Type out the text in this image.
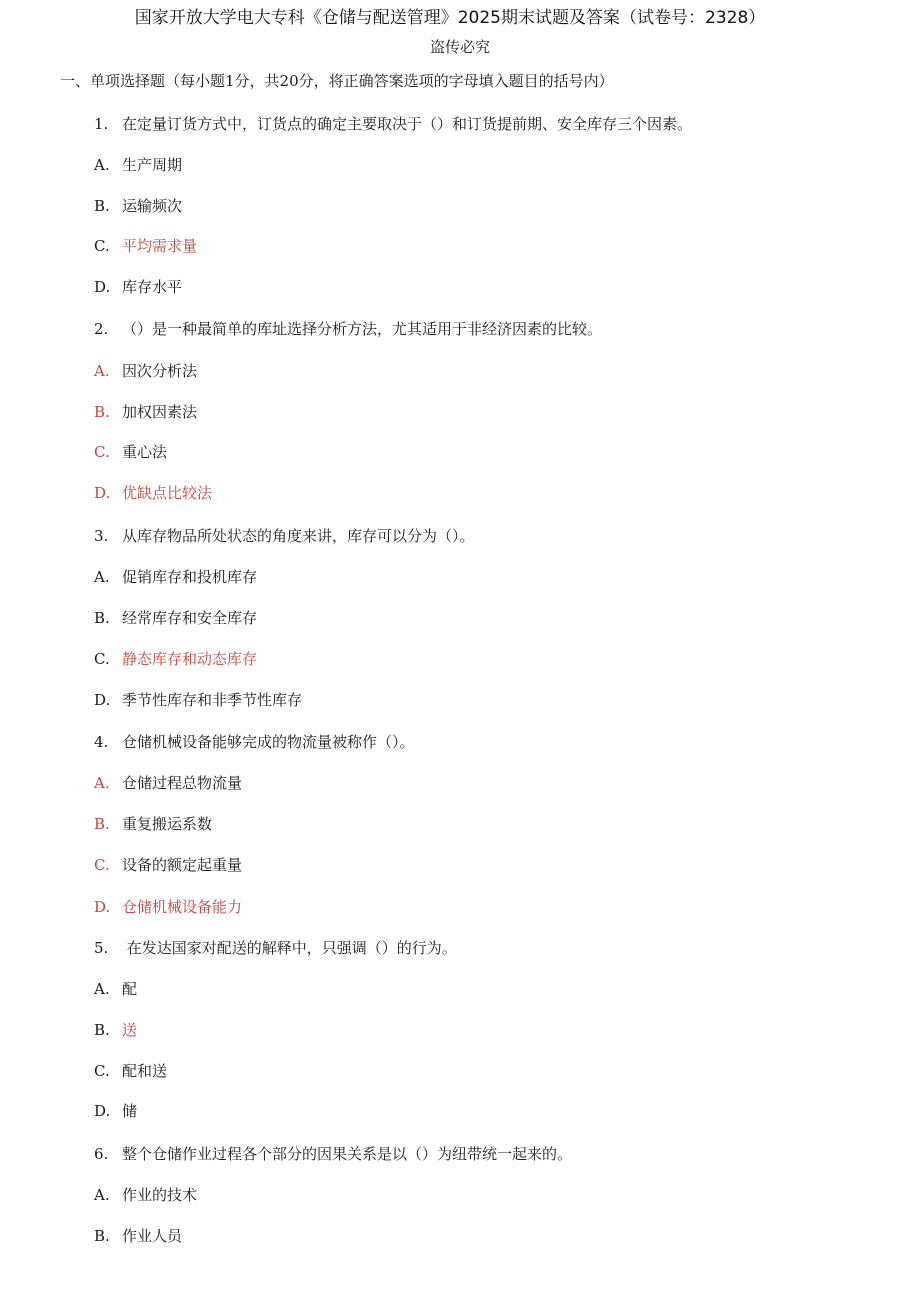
国家开放大学电大专科《仓储与配送管理》2025期末试题及答案（试卷号：2328）
盗传必究
一、单项选择题（每小题1分，共20分，将正确答案选项的字母填入题目的括号内）
1. 在定量订货方式中，订货点的确定主要取决于（）和订货提前期、安全库存三个因素。
A. 生产周期
B. 运输频次
C. 平均需求量
D. 库存水平
2. （）是一种最简单的库址选择分析方法，尤其适用于非经济因素的比较。
A. 因次分析法
B. 加权因素法
C. 重心法
D. 优缺点比较法
3. 从库存物品所处状态的角度来讲，库存可以分为（）。
A. 促销库存和投机库存
B. 经常库存和安全库存
C. 静态库存和动态库存
D. 季节性库存和非季节性库存
4. 仓储机械设备能够完成的物流量被称作（）。
A. 仓储过程总物流量
B. 重复搬运系数
C. 设备的额定起重量
D. 仓储机械设备能力
5. 在发达国家对配送的解释中，只强调（）的行为。
A. 配
B. 送
C. 配和送
D. 储
6. 整个仓储作业过程各个部分的因果关系是以（）为纽带统一起来的。
A. 作业的技术
B. 作业人员
